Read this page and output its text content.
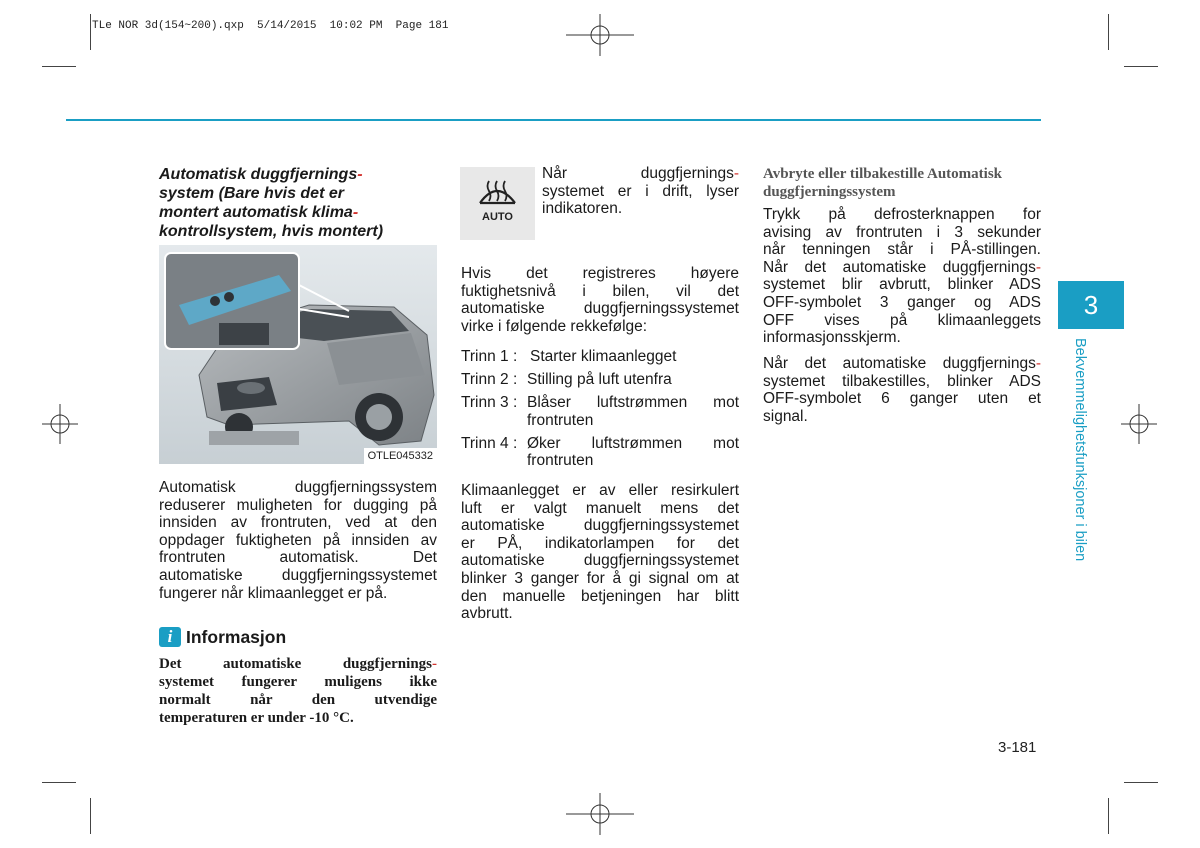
TLe NOR 3d(154~200).qxp  5/14/2015  10:02 PM  Page 181
Automatisk duggfjernings-
system (Bare hvis det er
montert automatisk klima-
kontrollsystem, hvis montert)
OTLE045332
Automatisk duggfjerningssystem
reduserer muligheten for dugging på
innsiden av frontruten, ved at den
oppdager fuktigheten på innsiden av
frontruten automatisk. Det
automatiske duggfjerningssystemet
fungerer når klimaanlegget er på.
i Informasjon
Det automatiske duggfjernings-
systemet fungerer muligens ikke
normalt når den utvendige
temperaturen er under -10 °C.
AUTO
Når duggfjernings-
systemet er i drift, lyser
indikatoren.
Hvis det registreres høyere
fuktighetsnivå i bilen, vil det
automatiske duggfjerningssystemet
virke i følgende rekkefølge:
Trinn 1 : Starter klimaanlegget
Trinn 2 : Stilling på luft utenfra
Trinn 3 : Blåser luftstrømmen mot
frontruten
Trinn 4 : Øker luftstrømmen mot
frontruten
Klimaanlegget er av eller resirkulert
luft er valgt manuelt mens det
automatiske duggfjerningssystemet
er PÅ, indikatorlampen for det
automatiske duggfjerningssystemet
blinker 3 ganger for å gi signal om at
den manuelle betjeningen har blitt
avbrutt.
Avbryte eller tilbakestille Automatisk
duggfjerningssystem
Trykk på defrosterknappen for
avising av frontruten i 3 sekunder
når tenningen står i PÅ-stillingen.
Når det automatiske duggfjernings-
systemet blir avbrutt, blinker ADS
OFF-symbolet 3 ganger og ADS
OFF vises på klimaanleggets
informasjonsskjerm.
Når det automatiske duggfjernings-
systemet tilbakestilles, blinker ADS
OFF-symbolet 6 ganger uten et
signal.
3
Bekvemmelighetsfunksjoner i bilen
3-181
